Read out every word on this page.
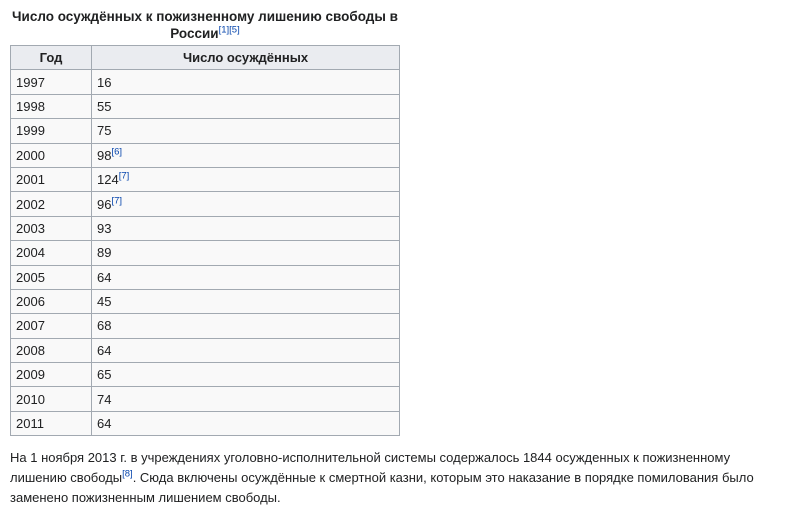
Число осуждённых к пожизненному лишению свободы в России[1][5]
Год	Число осуждённых
1997	16
1998	55
1999	75
2000	98[6]
2001	124[7]
2002	96[7]
2003	93
2004	89
2005	64
2006	45
2007	68
2008	64
2009	65
2010	74
2011	64
На 1 ноября 2013 г. в учреждениях уголовно-исполнительной системы содержалось 1844 осужденных к пожизненному лишению свободы[8]. Сюда включены осуждённые к смертной казни, которым это наказание в порядке помилования было заменено пожизненным лишением свободы.
